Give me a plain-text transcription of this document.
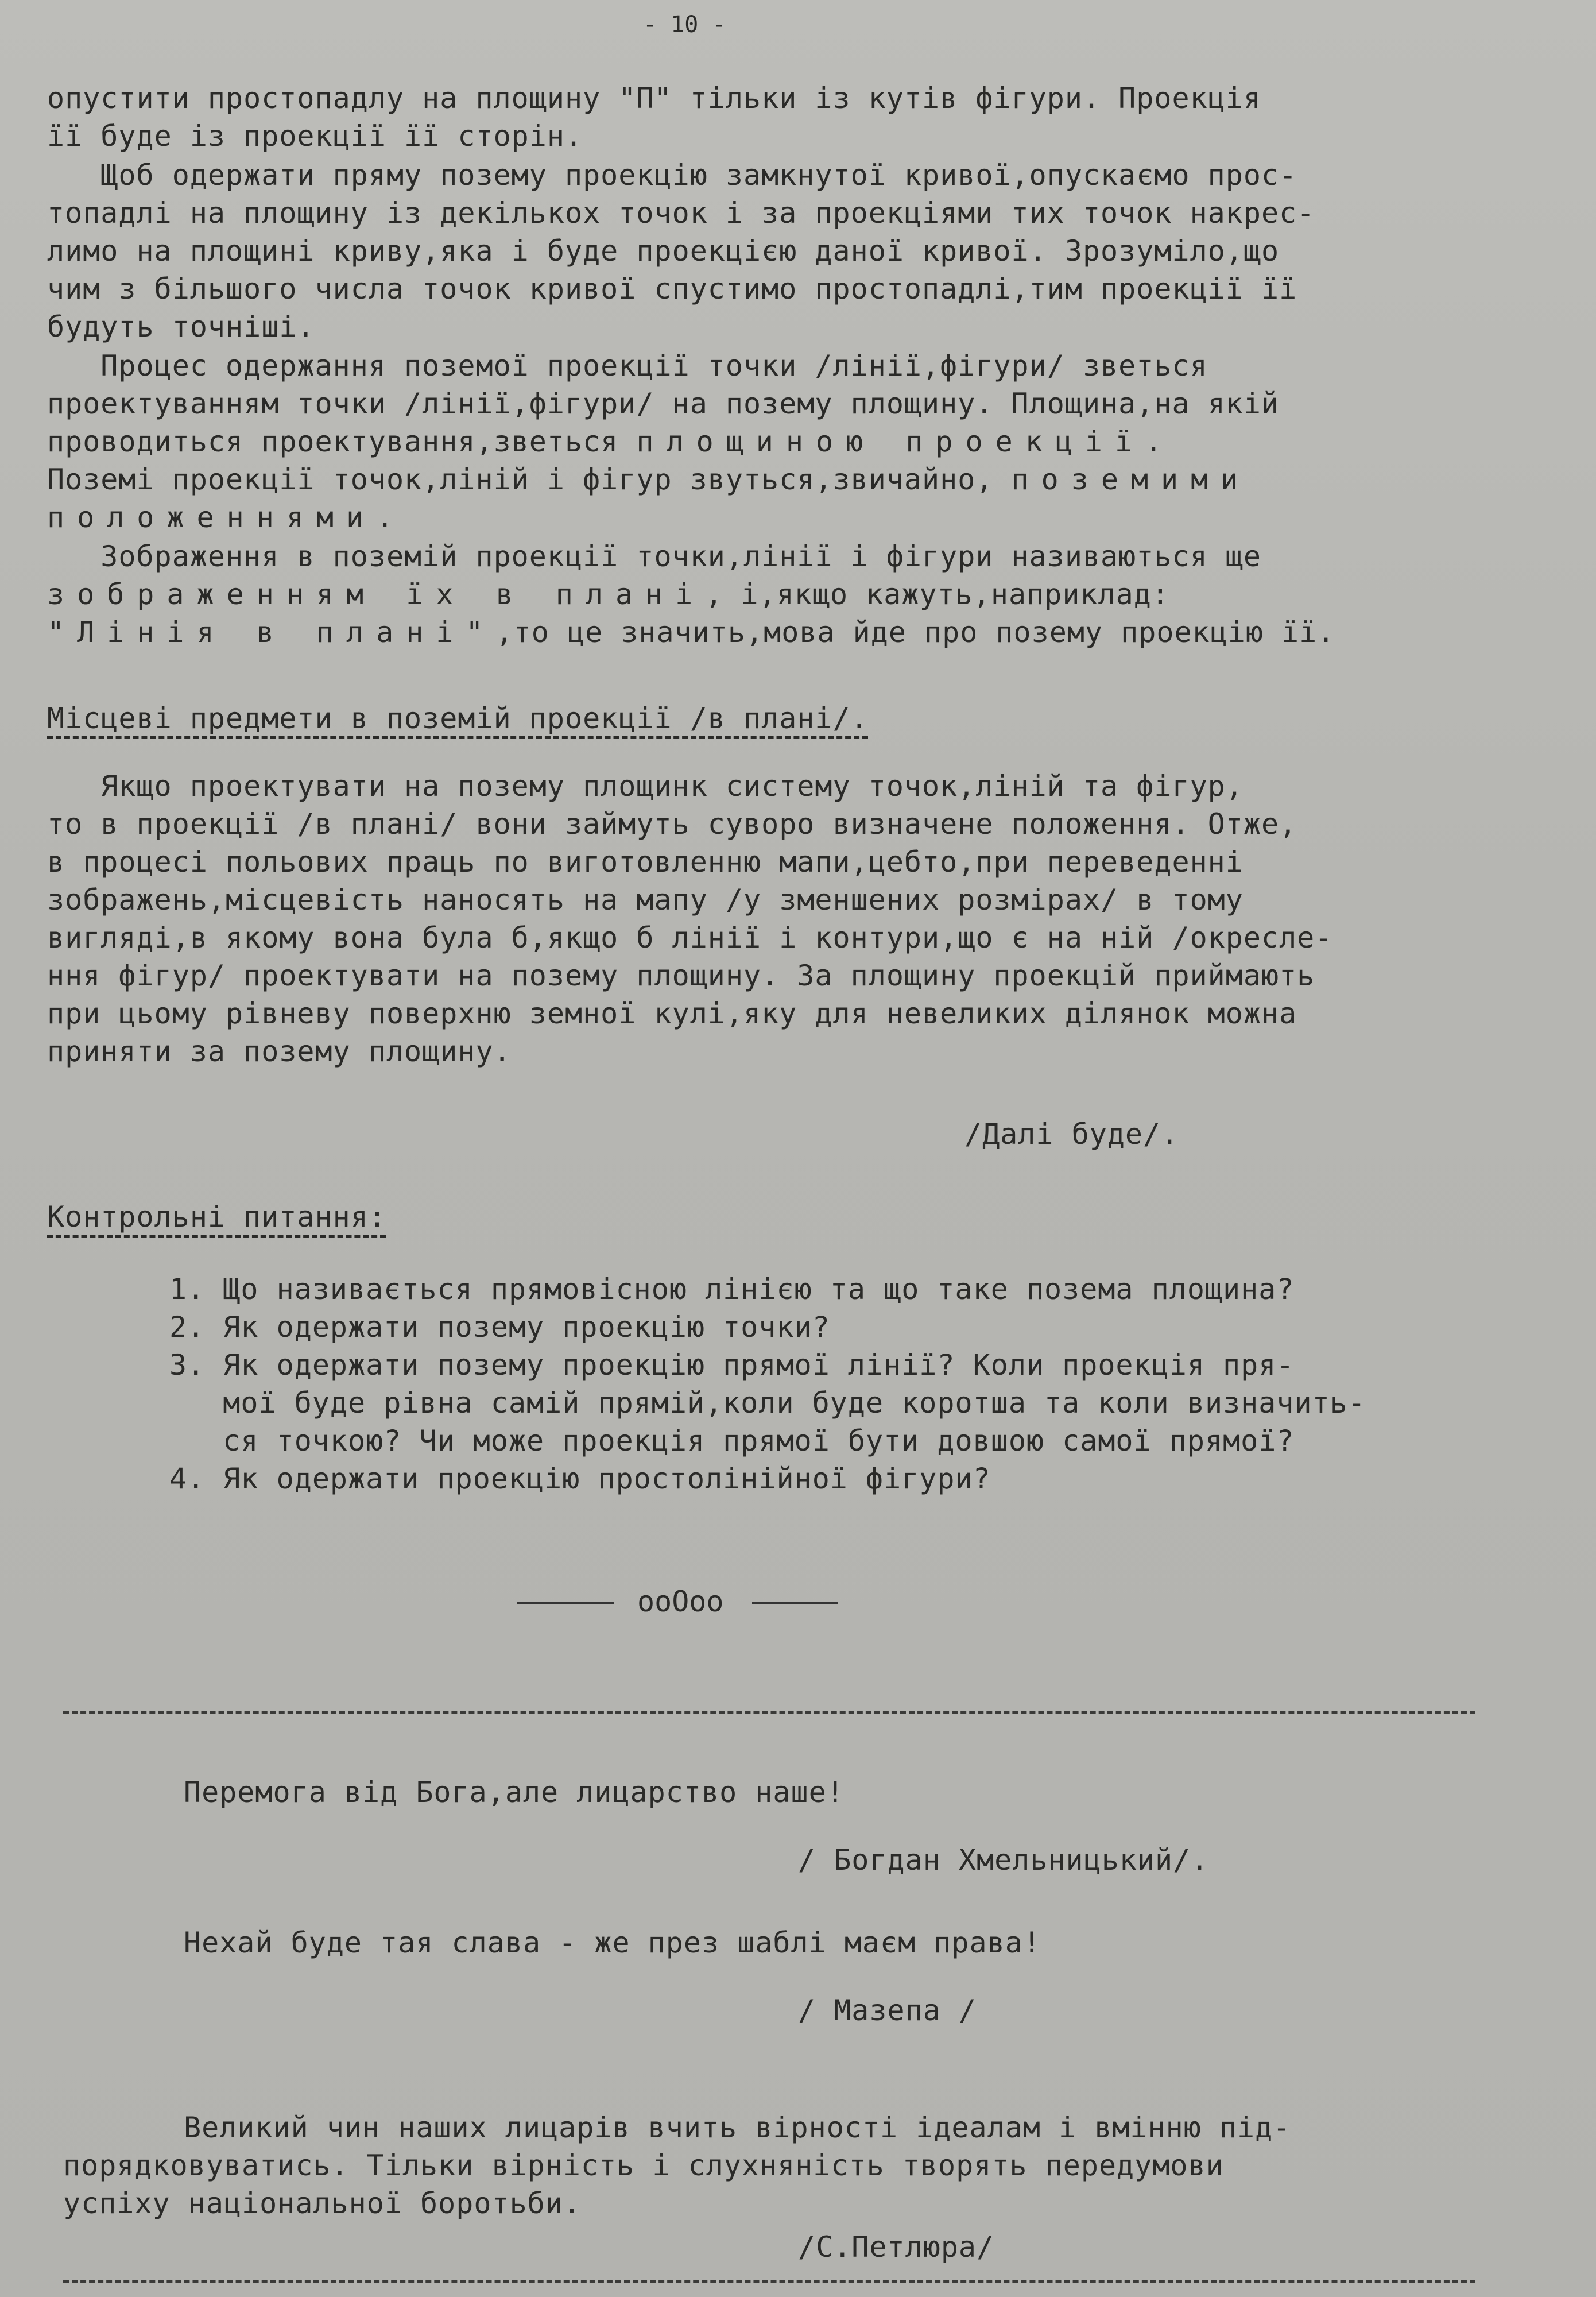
- 10 -
опустити простопадлу на площину "П" тільки із кутів фігури. Проекція
її буде із проекції її сторін.
Щоб одержати пряму позему проекцію замкнутої кривої,опускаємо прос-
топадлі на площину із декількох точок і за проекціями тих точок накрес-
лимо на площині криву,яка і буде проекцією даної кривої. Зрозуміло,що
чим з більшого числа точок кривої спустимо простопадлі,тим проекції її
будуть точніші.
Процес одержання поземої проекції точки /лінії,фігури/ зветься
проектуванням точки /лінії,фігури/ на позему площину. Площина,на якій
проводиться проектування,зветься площиною проекції.
Поземі проекції точок,ліній і фігур звуться,звичайно, поземими
положеннями.
Зображення в поземій проекції точки,лінії і фігури називаються ще
зображенням їх в плані, і,якщо кажуть,наприклад:
"Лінія в плані",то це значить,мова йде про позему проекцію її.
Місцеві предмети в поземій проекції /в плані/.
Якщо проектувати на позему площинк систему точок,ліній та фігур,
то в проекції /в плані/ вони займуть суворо визначене положення. Отже,
в процесі польових праць по виготовленню мапи,цебто,при переведенні
зображень,місцевість наносять на мапу /у зменшених розмірах/ в тому
вигляді,в якому вона була б,якщо б лінії і контури,що є на ній /окресле-
ння фігур/ проектувати на позему площину. За площину проекцій приймають
при цьому рівневу поверхню земної кулі,яку для невеликих ділянок можна
приняти за позему площину.
/Далі буде/.
Контрольні питання:
1. Що називається прямовісною лінією та що таке позема площина?
2. Як одержати позему проекцію точки?
3. Як одержати позему проекцію прямої лінії? Коли проекція пря-
мої буде рівна самій прямій,коли буде коротша та коли визначить-
ся точкою? Чи може проекція прямої бути довшою самої прямої?
4. Як одержати проекцію простолінійної фігури?
ooOoo
Перемога від Бога,але лицарство наше!
/ Богдан Хмельницький/.
Нехай буде тая слава - же през шаблі маєм права!
/ Мазепа /
Великий чин наших лицарів вчить вірності ідеалам і вмінню під-
порядковуватись. Тільки вірність і слухняність творять передумови
успіху національної боротьби.
/С.Петлюра/
